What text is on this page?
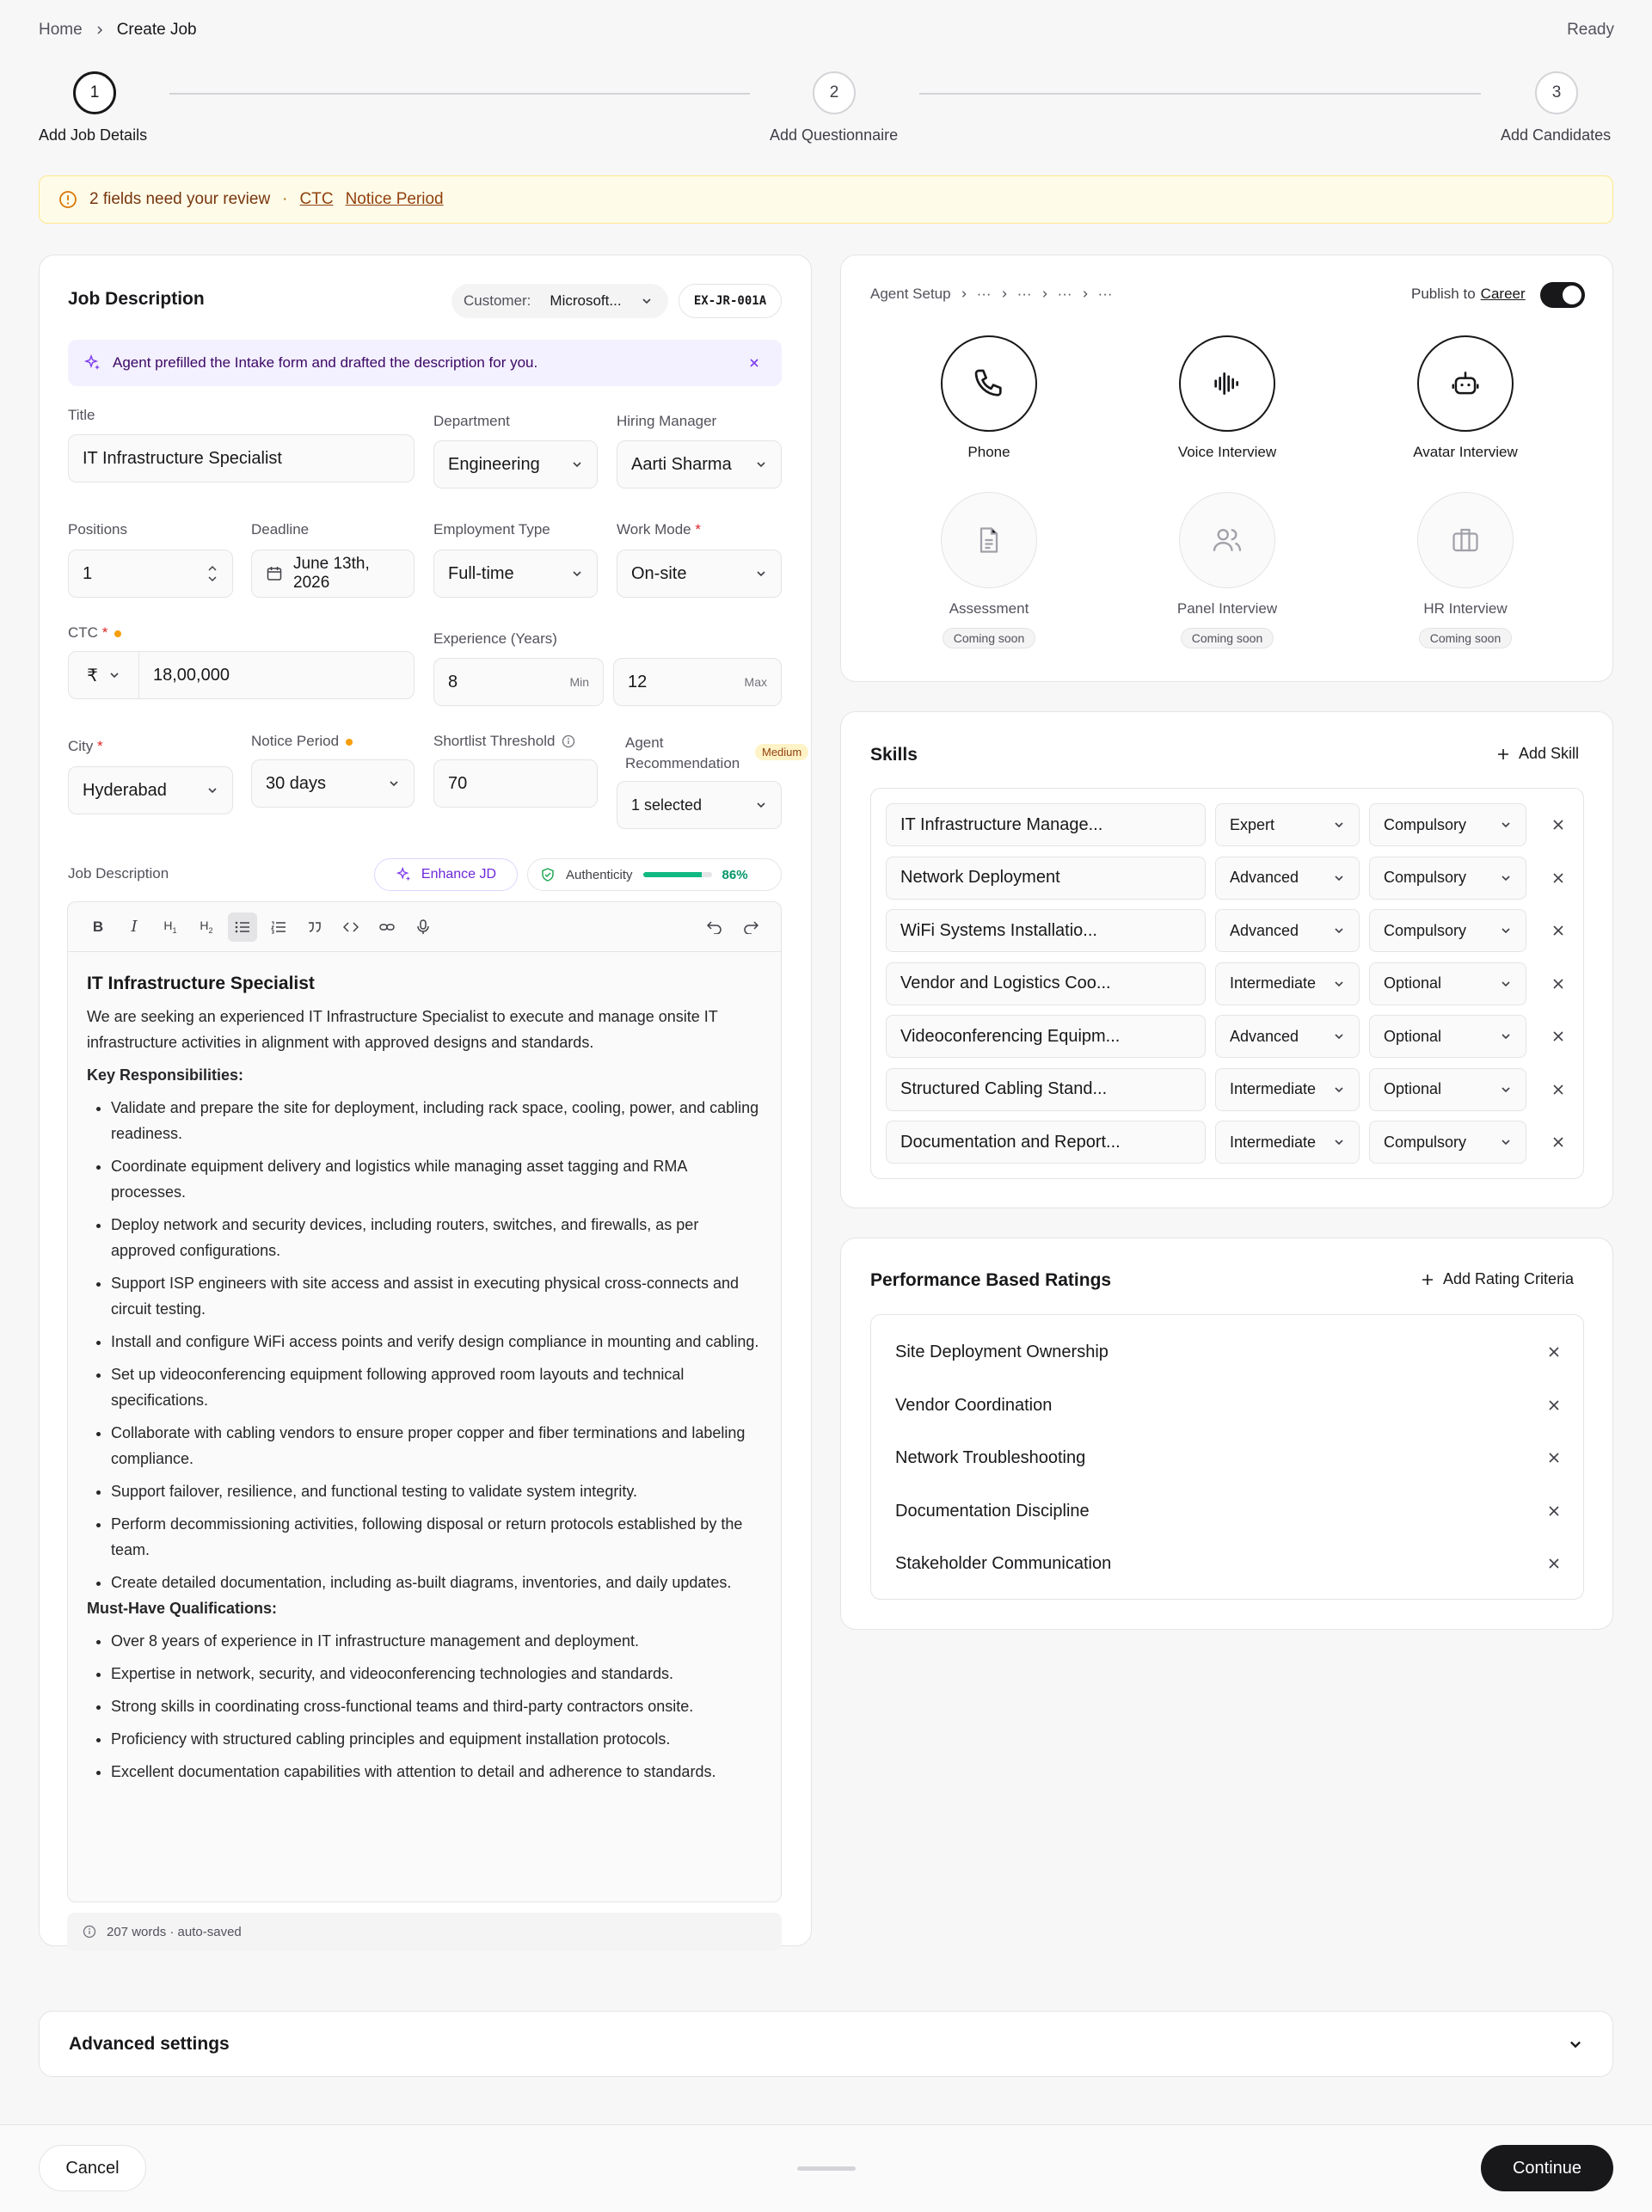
Home Create Job	Ready
1	2	3
Add Job Details	Add Questionnaire	Add Candidates
2 fields need your review · CTC Notice Period
Job Description	Customer: Microsoft...	EX-JR-001A
Agent prefilled the Intake form and drafted the description for you.
Title
IT Infrastructure Specialist
Department
Engineering
Hiring Manager
Aarti Sharma
Positions
1
Deadline
June 13th, 2026
Employment Type
Full-time
Work Mode *
On-site
CTC *
₹	18,00,000
Experience (Years)
8	Min 12	Max
City *
Hyderabad
Notice Period
30 days
Shortlist Threshold
70
Agent
Recommendation
Medium
1 selected
Job Description	Enhance JD	Authenticity	86%
B I $H_1$ $H_2$
IT Infrastructure Specialist

We are seeking an experienced IT Infrastructure Specialist to execute and manage onsite IT infrastructure activities in alignment with approved designs and standards.

Key Responsibilities:
• Validate and prepare the site for deployment, including rack space, cooling, power, and cabling readiness.
• Coordinate equipment delivery and logistics while managing asset tagging and RMA processes.
• Deploy network and security devices, including routers, switches, and firewalls, as per approved configurations.
• Support ISP engineers with site access and assist in executing physical cross-connects and circuit testing.
• Install and configure WiFi access points and verify design compliance in mounting and cabling.
• Set up videoconferencing equipment following approved room layouts and technical specifications.
• Collaborate with cabling vendors to ensure proper copper and fiber terminations and labeling compliance.
• Support failover, resilience, and functional testing to validate system integrity.
• Perform decommissioning activities, following disposal or return protocols established by the team.
• Create detailed documentation, including as-built diagrams, inventories, and daily updates.
Must-Have Qualifications:
• Over 8 years of experience in IT infrastructure management and deployment.
• Expertise in network, security, and videoconferencing technologies and standards.
• Strong skills in coordinating cross-functional teams and third-party contractors onsite.
• Proficiency with structured cabling principles and equipment installation protocols.
• Excellent documentation capabilities with attention to detail and adherence to standards.
207 words · auto-saved
Agent Setup ··· ··· ··· ···	Publish to Career
Phone	Voice Interview	Avatar Interview
Assessment
Coming soon
Panel Interview
Coming soon
HR Interview
Coming soon
Skills	Add Skill
IT Infrastructure Manage...	Expert	Compulsory
Network Deployment	Advanced	Compulsory
WiFi Systems Installatio...	Advanced	Compulsory
Vendor and Logistics Coo...	Intermediate	Optional
Videoconferencing Equipm...	Advanced	Optional
Structured Cabling Stand...	Intermediate	Optional
Documentation and Report...	Intermediate	Compulsory
Performance Based Ratings	Add Rating Criteria
Site Deployment Ownership
Vendor Coordination
Network Troubleshooting
Documentation Discipline
Stakeholder Communication
Advanced settings
Cancel	Continue
